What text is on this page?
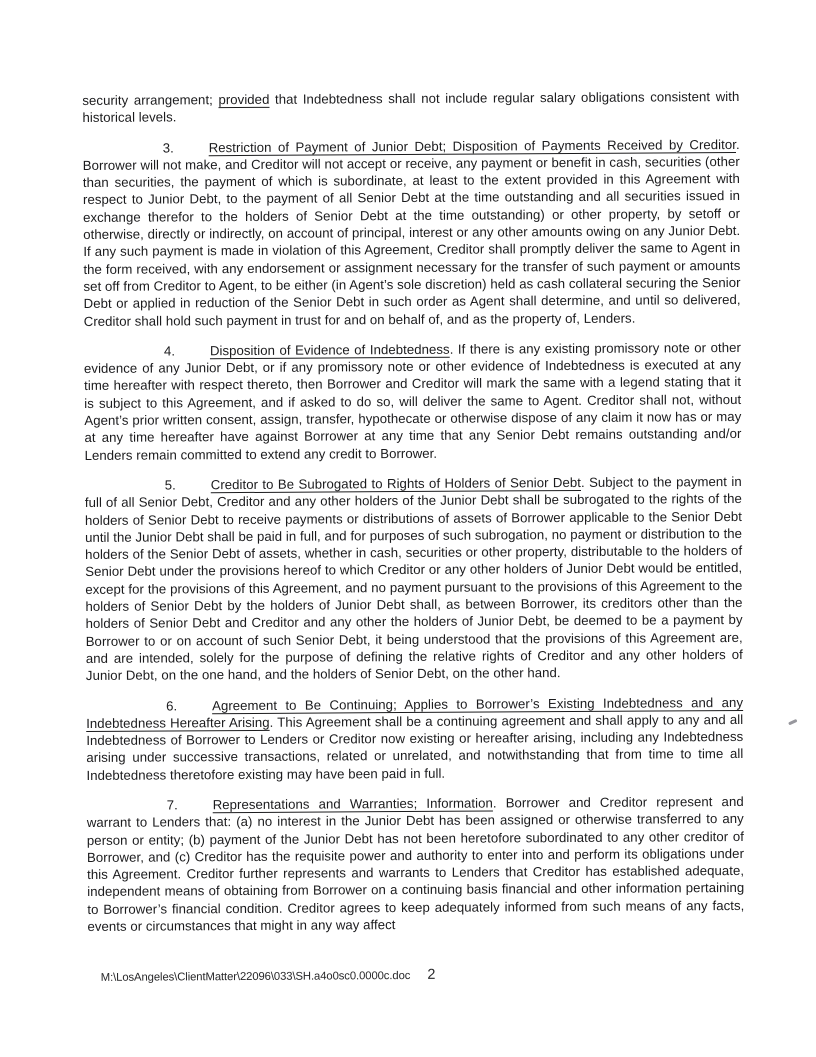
security arrangement; provided that Indebtedness shall not include regular salary obligations consistent with historical levels.

3.	Restriction of Payment of Junior Debt; Disposition of Payments Received by Creditor. Borrower will not make, and Creditor will not accept or receive, any payment or benefit in cash, securities (other than securities, the payment of which is subordinate, at least to the extent provided in this Agreement with respect to Junior Debt, to the payment of all Senior Debt at the time outstanding and all securities issued in exchange therefor to the holders of Senior Debt at the time outstanding) or other property, by setoff or otherwise, directly or indirectly, on account of principal, interest or any other amounts owing on any Junior Debt. If any such payment is made in violation of this Agreement, Creditor shall promptly deliver the same to Agent in the form received, with any endorsement or assignment necessary for the transfer of such payment or amounts set off from Creditor to Agent, to be either (in Agent’s sole discretion) held as cash collateral securing the Senior Debt or applied in reduction of the Senior Debt in such order as Agent shall determine, and until so delivered, Creditor shall hold such payment in trust for and on behalf of, and as the property of, Lenders.

4.	Disposition of Evidence of Indebtedness. If there is any existing promissory note or other evidence of any Junior Debt, or if any promissory note or other evidence of Indebtedness is executed at any time hereafter with respect thereto, then Borrower and Creditor will mark the same with a legend stating that it is subject to this Agreement, and if asked to do so, will deliver the same to Agent. Creditor shall not, without Agent’s prior written consent, assign, transfer, hypothecate or otherwise dispose of any claim it now has or may at any time hereafter have against Borrower at any time that any Senior Debt remains outstanding and/or Lenders remain committed to extend any credit to Borrower.

5.	Creditor to Be Subrogated to Rights of Holders of Senior Debt. Subject to the payment in full of all Senior Debt, Creditor and any other holders of the Junior Debt shall be subrogated to the rights of the holders of Senior Debt to receive payments or distributions of assets of Borrower applicable to the Senior Debt until the Junior Debt shall be paid in full, and for purposes of such subrogation, no payment or distribution to the holders of the Senior Debt of assets, whether in cash, securities or other property, distributable to the holders of Senior Debt under the provisions hereof to which Creditor or any other holders of Junior Debt would be entitled, except for the provisions of this Agreement, and no payment pursuant to the provisions of this Agreement to the holders of Senior Debt by the holders of Junior Debt shall, as between Borrower, its creditors other than the holders of Senior Debt and Creditor and any other the holders of Junior Debt, be deemed to be a payment by Borrower to or on account of such Senior Debt, it being understood that the provisions of this Agreement are, and are intended, solely for the purpose of defining the relative rights of Creditor and any other holders of Junior Debt, on the one hand, and the holders of Senior Debt, on the other hand.

6.	Agreement to Be Continuing; Applies to Borrower’s Existing Indebtedness and any Indebtedness Hereafter Arising. This Agreement shall be a continuing agreement and shall apply to any and all Indebtedness of Borrower to Lenders or Creditor now existing or hereafter arising, including any Indebtedness arising under successive transactions, related or unrelated, and notwithstanding that from time to time all Indebtedness theretofore existing may have been paid in full.

7.	Representations and Warranties; Information. Borrower and Creditor represent and warrant to Lenders that: (a) no interest in the Junior Debt has been assigned or otherwise transferred to any person or entity; (b) payment of the Junior Debt has not been heretofore subordinated to any other creditor of Borrower, and (c) Creditor has the requisite power and authority to enter into and perform its obligations under this Agreement. Creditor further represents and warrants to Lenders that Creditor has established adequate, independent means of obtaining from Borrower on a continuing basis financial and other information pertaining to Borrower’s financial condition. Creditor agrees to keep adequately informed from such means of any facts, events or circumstances that might in any way affect

M:\LosAngeles\ClientMatter\22096\033\SH.a4o0sc0.0000c.doc 2
